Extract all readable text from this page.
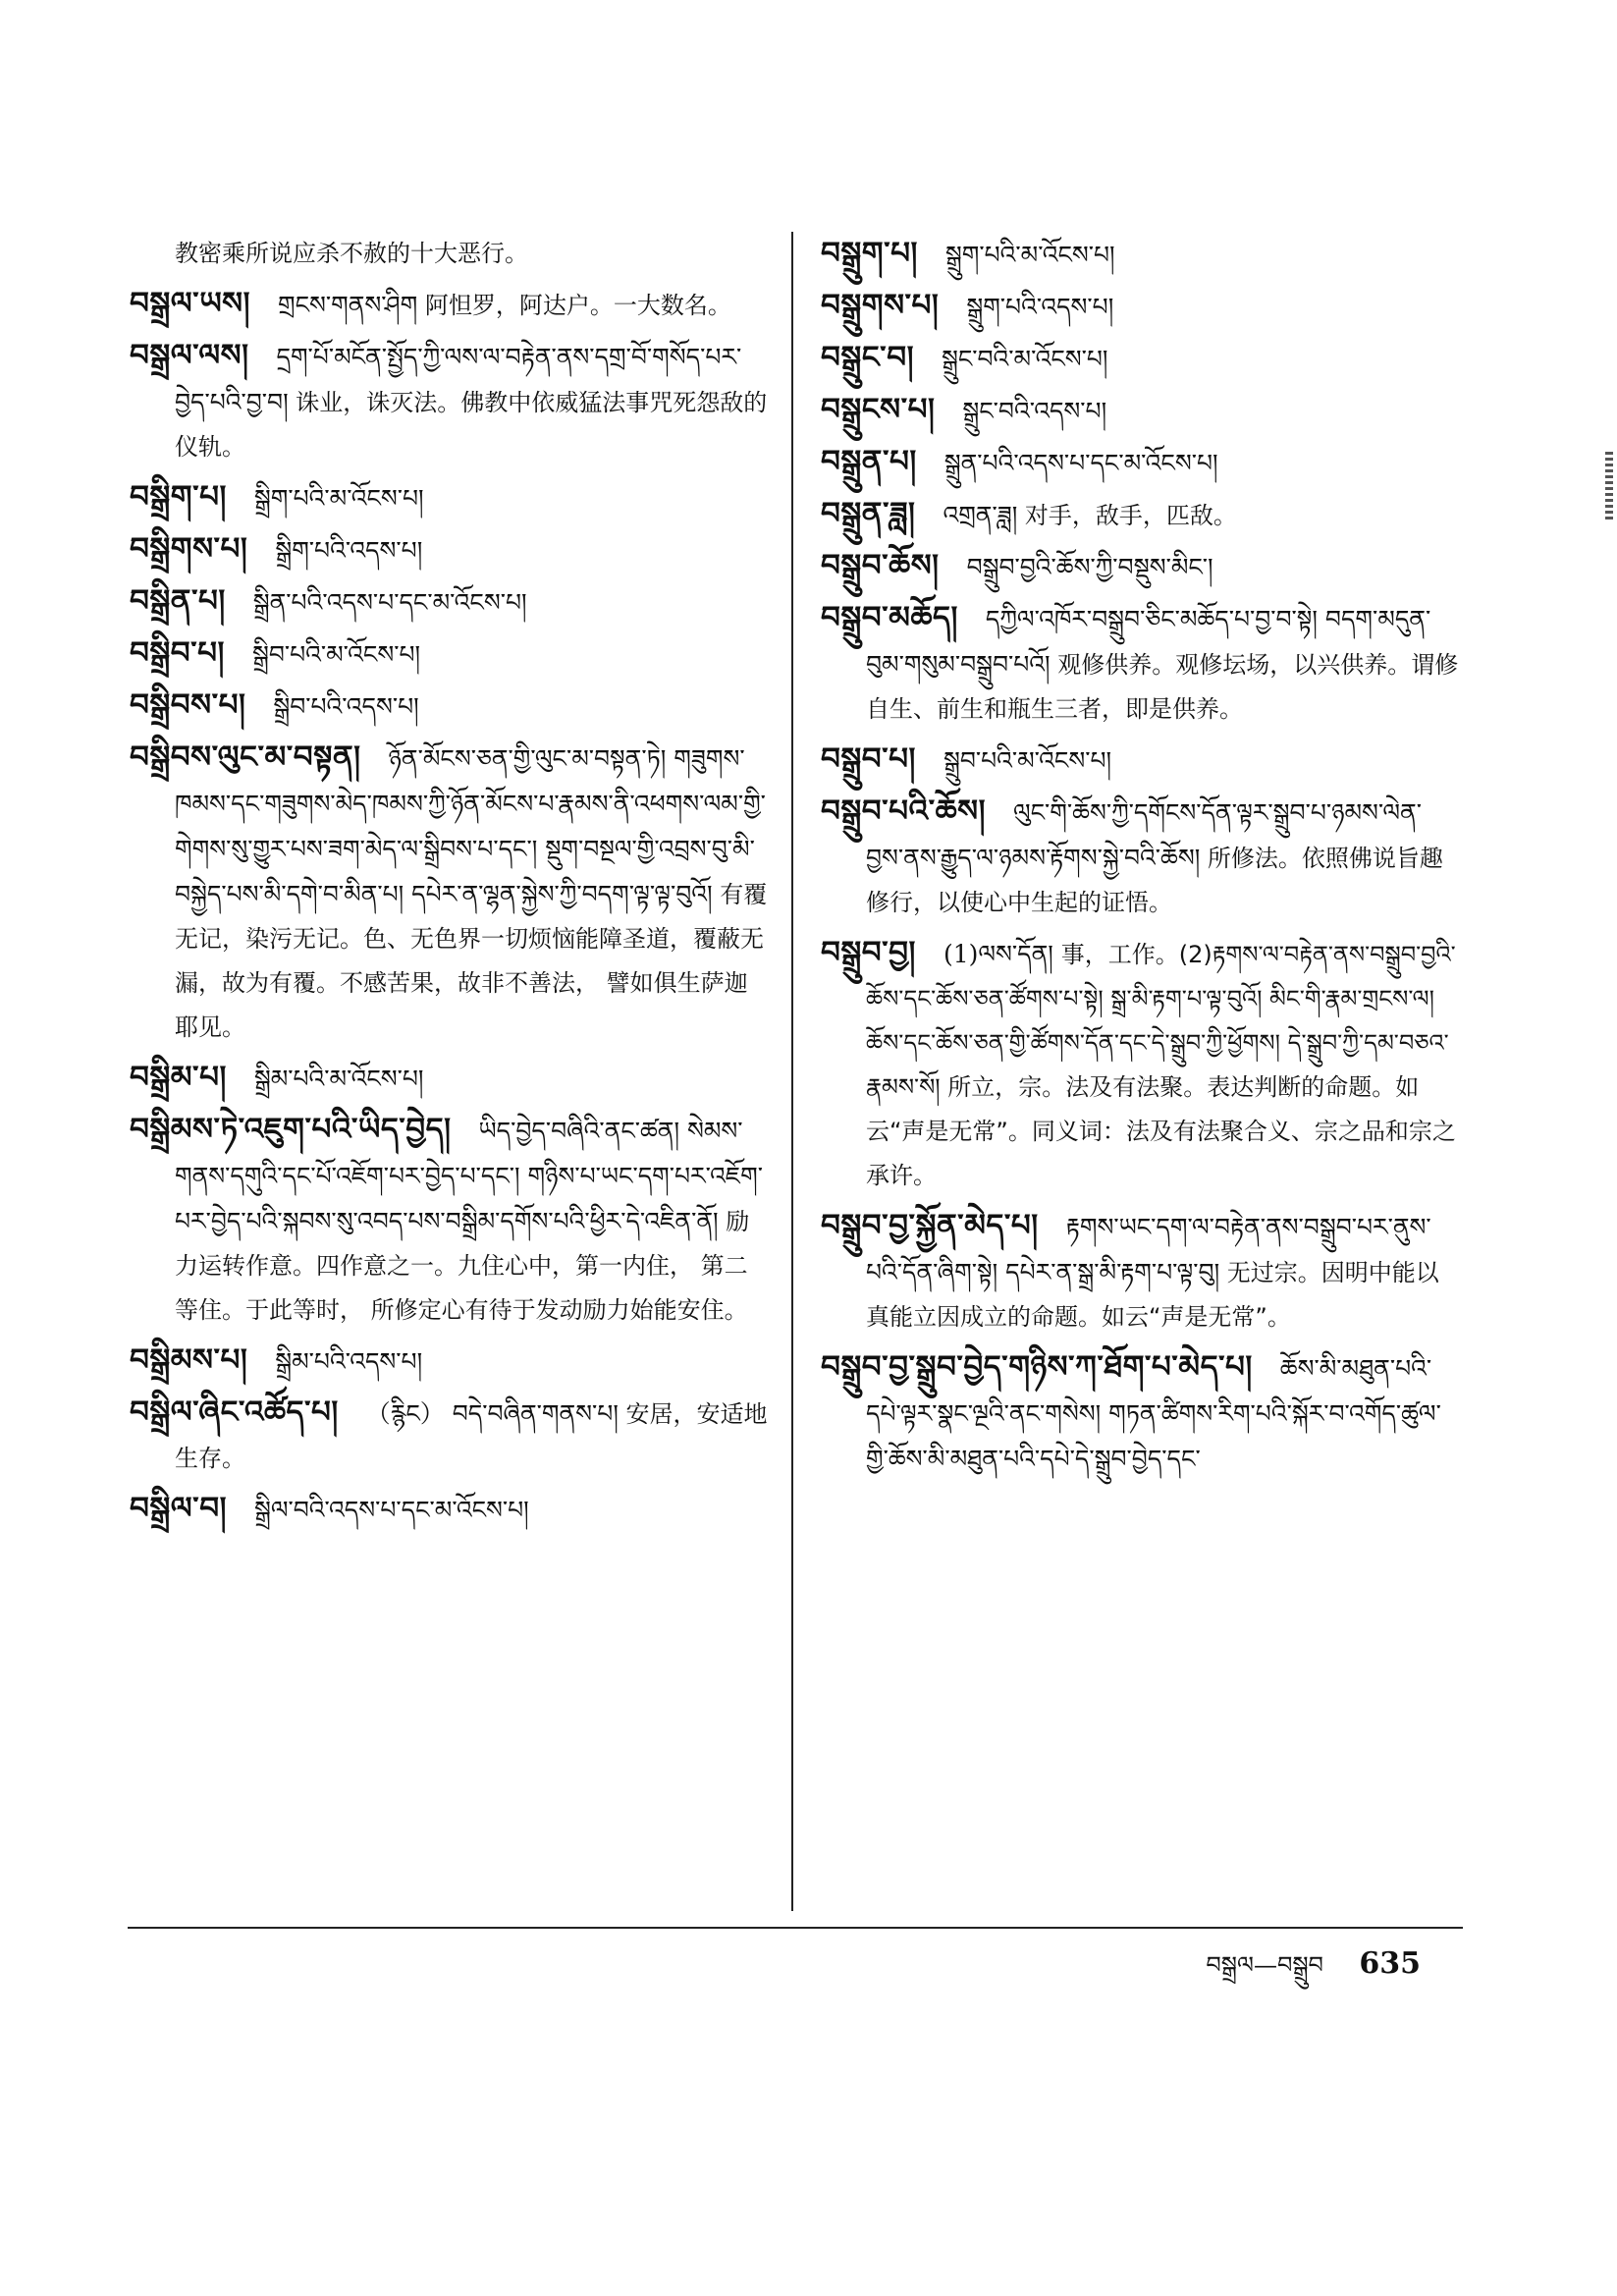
教密乘所说应杀不赦的十大恶行。

བསྒྲལ་ཡས། གྲངས་གནས་ཤིག 阿怛罗，阿达户。一大数名。

བསྒྲལ་ལས། དྲག་པོ་མངོན་སྤྱོད་ཀྱི་ལས་ལ་བརྟེན་ནས་དགྲ་བོ་གསོད་པར་བྱེད་པའི་བྱ་བ། 诛业，诛灭法。佛教中依威猛法事咒死怨敌的仪轨。

བསྒྲིག་པ། སྒྲིག་པའི་མ་འོངས་པ།

བསྒྲིགས་པ། སྒྲིག་པའི་འདས་པ།

བསྒྲིན་པ། སྒྲིན་པའི་འདས་པ་དང་མ་འོངས་པ།

བསྒྲིབ་པ། སྒྲིབ་པའི་མ་འོངས་པ།

བསྒྲིབས་པ། སྒྲིབ་པའི་འདས་པ།

བསྒྲིབས་ལུང་མ་བསྟན། ཉོན་མོངས་ཅན་གྱི་ལུང་མ་བསྟན་ཏེ། གཟུགས་ཁམས་དང་གཟུགས་མེད་ཁམས་ཀྱི་ཉོན་མོངས་པ་རྣམས་ནི་འཕགས་ལམ་གྱི་གེགས་སུ་གྱུར་པས་ཟག་མེད་ལ་སྒྲིབས་པ་དང་། སྡུག་བསྔལ་གྱི་འབྲས་བུ་མི་བསྐྱེད་པས་མི་དགེ་བ་མིན་པ། དཔེར་ན་ལྷན་སྐྱེས་ཀྱི་བདག་ལྟ་ལྟ་བུའོ། 有覆无记，染污无记。色、无色界一切烦恼能障圣道，覆蔽无漏，故为有覆。不感苦果，故非不善法， 譬如俱生萨迦耶见。

བསྒྲིམ་པ། སྒྲིམ་པའི་མ་འོངས་པ།

བསྒྲིམས་ཏེ་འཇུག་པའི་ཡིད་བྱེད། ཡིད་བྱེད་བཞིའི་ནང་ཚན། སེམས་གནས་དགུའི་དང་པོ་འཇོག་པར་བྱེད་པ་དང་། གཉིས་པ་ཡང་དག་པར་འཇོག་པར་བྱེད་པའི་སྐབས་སུ་འབད་པས་བསྒྲིམ་དགོས་པའི་ཕྱིར་དེ་འཇིན་ནོ། 励力运转作意。四作意之一。九住心中，第一内住， 第二等住。于此等时， 所修定心有待于发动励力始能安住。

བསྒྲིམས་པ། སྒྲིམ་པའི་འདས་པ།

བསྒྲིལ་ཞིང་འཚོད་པ། （རྙིང） བདེ་བཞིན་གནས་པ། 安居，安适地生存。

བསྒྲིལ་བ། སྒྲིལ་བའི་འདས་པ་དང་མ་འོངས་པ།

བསྒྲུག་པ། སྒྲུག་པའི་མ་འོངས་པ།

བསྒྲུགས་པ། སྒྲུག་པའི་འདས་པ།

བསྒྲུང་བ། སྒྲུང་བའི་མ་འོངས་པ།

བསྒྲུངས་པ། སྒྲུང་བའི་འདས་པ།

བསྒྲུན་པ། སྒྲུན་པའི་འདས་པ་དང་མ་འོངས་པ།

བསྒྲུན་ཟླ། འགྲན་ཟླ། 对手，敌手，匹敌。

བསྒྲུབ་ཆོས། བསྒྲུབ་བྱའི་ཆོས་ཀྱི་བསྡུས་མིང་།

བསྒྲུབ་མཆོད། དཀྱིལ་འཁོར་བསྒྲུབ་ཅིང་མཆོད་པ་བྱ་བ་སྟེ། བདག་མདུན་བུམ་གསུམ་བསྒྲུབ་པའོ། 观修供养。观修坛场，以兴供养。谓修自生、前生和瓶生三者，即是供养。

བསྒྲུབ་པ། སྒྲུབ་པའི་མ་འོངས་པ།

བསྒྲུབ་པའི་ཆོས། ལུང་གི་ཆོས་ཀྱི་དགོངས་དོན་ལྟར་སྒྲུབ་པ་ཉམས་ལེན་བྱས་ནས་རྒྱུད་ལ་ཉམས་རྟོགས་སྐྱེ་བའི་ཆོས། 所修法。依照佛说旨趣修行，以使心中生起的证悟。

བསྒྲུབ་བྱ། (1)ལས་དོན། 事，工作。(2)རྟགས་ལ་བརྟེན་ནས་བསྒྲུབ་བྱའི་ཆོས་དང་ཆོས་ཅན་ཚོགས་པ་སྟེ། སྒྲ་མི་རྟག་པ་ལྟ་བུའོ། མིང་གི་རྣམ་གྲངས་ལ། ཆོས་དང་ཆོས་ཅན་གྱི་ཚོགས་དོན་དང་དེ་སྒྲུབ་ཀྱི་ཕྱོགས། དེ་སྒྲུབ་ཀྱི་དམ་བཅའ་རྣམས་སོ། 所立，宗。法及有法聚。表达判断的命题。如云“声是无常”。同义词：法及有法聚合义、宗之品和宗之承许。

བསྒྲུབ་བྱ་སྐྱོན་མེད་པ། རྟགས་ཡང་དག་ལ་བརྟེན་ནས་བསྒྲུབ་པར་ནུས་པའི་དོན་ཞིག་སྟེ། དཔེར་ན་སྒྲ་མི་རྟག་པ་ལྟ་བུ། 无过宗。因明中能以真能立因成立的命题。如云“声是无常”。

བསྒྲུབ་བྱ་སྒྲུབ་བྱེད་གཉིས་ཀ་ཐོག་པ་མེད་པ། ཆོས་མི་མཐུན་པའི་དཔེ་ལྟར་སྣང་ལྔའི་ནང་གསེས། གཏན་ཚིགས་རིག་པའི་སྐོར་བ་འགོད་ཚུལ་གྱི་ཆོས་མི་མཐུན་པའི་དཔེ་དེ་སྒྲུབ་བྱེད་དང་

བསྒྲལ—བསྒྲུབ 635
